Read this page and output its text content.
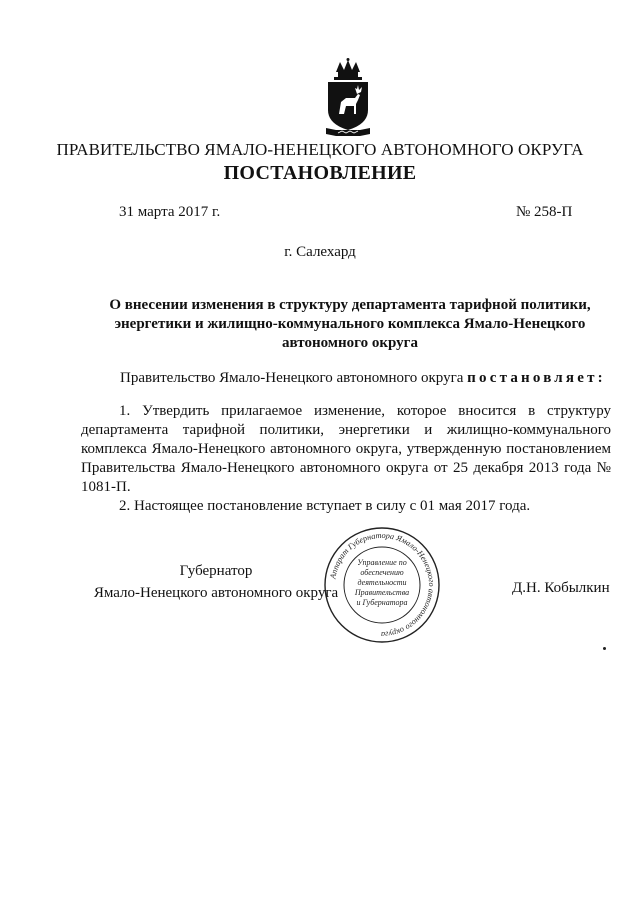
ПРАВИТЕЛЬСТВО ЯМАЛО-НЕНЕЦКОГО АВТОНОМНОГО ОКРУГА
ПОСТАНОВЛЕНИЕ
31 марта 2017 г.	№ 258-П
г. Салехард
О внесении изменения в структуру департамента тарифной политики,
энергетики и жилищно-коммунального комплекса Ямало-Ненецкого
автономного округа
Правительство Ямало-Ненецкого автономного округа постановляет:

1. Утвердить прилагаемое изменение, которое вносится в структуру департамента тарифной политики, энергетики и жилищно-коммунального комплекса Ямало-Ненецкого автономного округа, утвержденную постановлением Правительства Ямало-Ненецкого автономного округа от 25 декабря 2013 года № 1081-П.

2. Настоящее постановление вступает в силу с 01 мая 2017 года.

Губернатор
Ямало-Ненецкого автономного округа
Аппарат Губернатора Ямало-Ненецкого автономного округа
Управление по
обеспечению
деятельности
Правительства
и Губернатора
Д.Н. Кобылкин
